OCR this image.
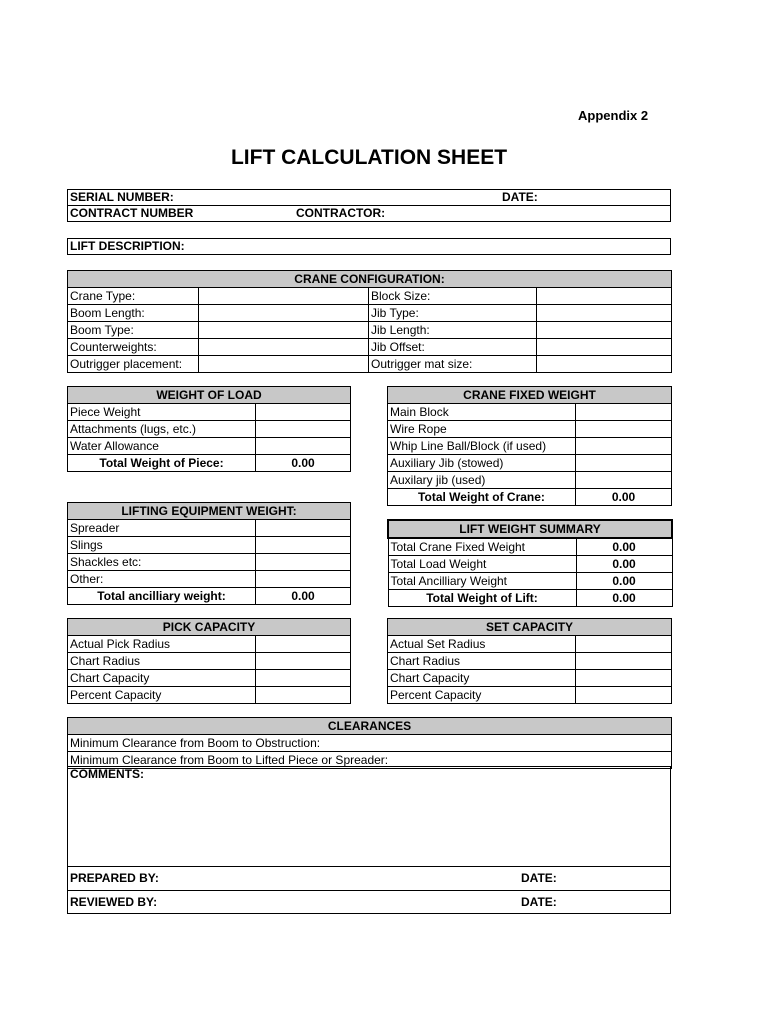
Appendix 2
LIFT CALCULATION SHEET
SERIAL NUMBER:	DATE:
CONTRACT NUMBER	CONTRACTOR:
LIFT DESCRIPTION:
CRANE CONFIGURATION:			
Crane Type:		Block Size:	
Boom Length:		Jib Type:	
Boom Type:		Jib Length:	
Counterweights:		Jib Offset:	
Outrigger placement:		Outrigger mat size:	
WEIGHT OF LOAD	
Piece Weight	
Attachments (lugs, etc.)	
Water Allowance	
Total Weight of Piece:	0.00
CRANE FIXED WEIGHT	
Main Block	
Wire Rope	
Whip Line Ball/Block (if used)	
Auxiliary Jib (stowed)	
Auxilary jib (used)	
Total Weight of Crane:	0.00
LIFTING EQUIPMENT WEIGHT:	
Spreader	
Slings	
Shackles etc:	
Other:	
Total ancilliary weight:	0.00
LIFT WEIGHT SUMMARY	
Total Crane Fixed Weight	0.00
Total Load Weight	0.00
Total Ancilliary Weight	0.00
Total Weight of Lift:	0.00
PICK CAPACITY	
Actual Pick Radius	
Chart Radius	
Chart Capacity	
Percent Capacity	
SET CAPACITY	
Actual Set Radius	
Chart Radius	
Chart Capacity	
Percent Capacity	
CLEARANCES
Minimum Clearance from Boom to Obstruction:
Minimum Clearance from Boom to Lifted Piece or Spreader:
COMMENTS:
PREPARED BY:	DATE:
REVIEWED BY:	DATE:
